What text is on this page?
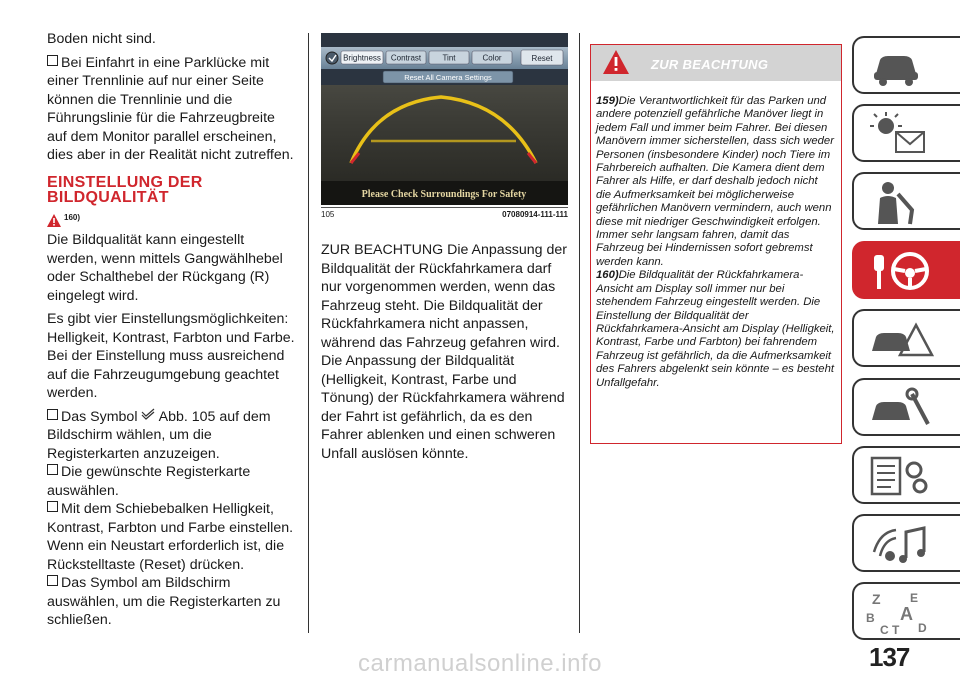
Boden nicht sind.

Bei Einfahrt in eine Parklücke mit einer Trennlinie auf nur einer Seite können die Trennlinie und die Führungslinie für die Fahrzeugbreite auf dem Monitor parallel erscheinen, dies aber in der Realität nicht zutreffen.

EINSTELLUNG DER BILDQUALITÄT
160)

Die Bildqualität kann eingestellt werden, wenn mittels Gangwählhebel oder Schalthebel der Rückgang (R) eingelegt wird.

Es gibt vier Einstellungsmöglichkeiten: Helligkeit, Kontrast, Farbton und Farbe. Bei der Einstellung muss ausreichend auf die Fahrzeugumgebung geachtet werden.

Das Symbol Abb. 105 auf dem Bildschirm wählen, um die Registerkarten anzuzeigen.

Die gewünschte Registerkarte auswählen.

Mit dem Schiebebalken Helligkeit, Kontrast, Farbton und Farbe einstellen. Wenn ein Neustart erforderlich ist, die Rückstelltaste (Reset) drücken.

Das Symbol am Bildschirm auswählen, um die Registerkarten zu schließen.

Brightness Contrast	Tint	Color	Reset
Reset All Camera Settings
Please Check Surroundings For Safety
105	07080914-111-111
ZUR BEACHTUNG Die Anpassung der Bildqualität der Rückfahrkamera darf nur vorgenommen werden, wenn das Fahrzeug steht. Die Bildqualität der Rückfahrkamera nicht anpassen, während das Fahrzeug gefahren wird. Die Anpassung der Bildqualität (Helligkeit, Kontrast, Farbe und Tönung) der Rückfahrkamera während der Fahrt ist gefährlich, da es den Fahrer ablenken und einen schweren Unfall auslösen könnte.
ZUR BEACHTUNG
159)Die Verantwortlichkeit für das Parken und andere potenziell gefährliche Manöver liegt in jedem Fall und immer beim Fahrer. Bei diesen Manövern immer sicherstellen, dass sich weder Personen (insbesondere Kinder) noch Tiere im Fahrbereich aufhalten. Die Kamera dient dem Fahrer als Hilfe, er darf deshalb jedoch nicht die Aufmerksamkeit bei möglicherweise gefährlichen Manövern vermindern, auch wenn diese mit niedriger Geschwindigkeit erfolgen. Immer sehr langsam fahren, damit das Fahrzeug bei Hindernissen sofort gebremst werden kann.
160)Die Bildqualität der Rückfahrkamera-Ansicht am Display soll immer nur bei stehendem Fahrzeug eingestellt werden. Die Einstellung der Bildqualität der Rückfahrkamera-Ansicht am Display (Helligkeit, Kontrast, Farbe und Farbton) bei fahrendem Fahrzeug ist gefährlich, da die Aufmerksamkeit des Fahrers abgelenkt sein könnte – es besteht Unfallgefahr.
Z E
B A
C T D
137
carmanualsonline.info
